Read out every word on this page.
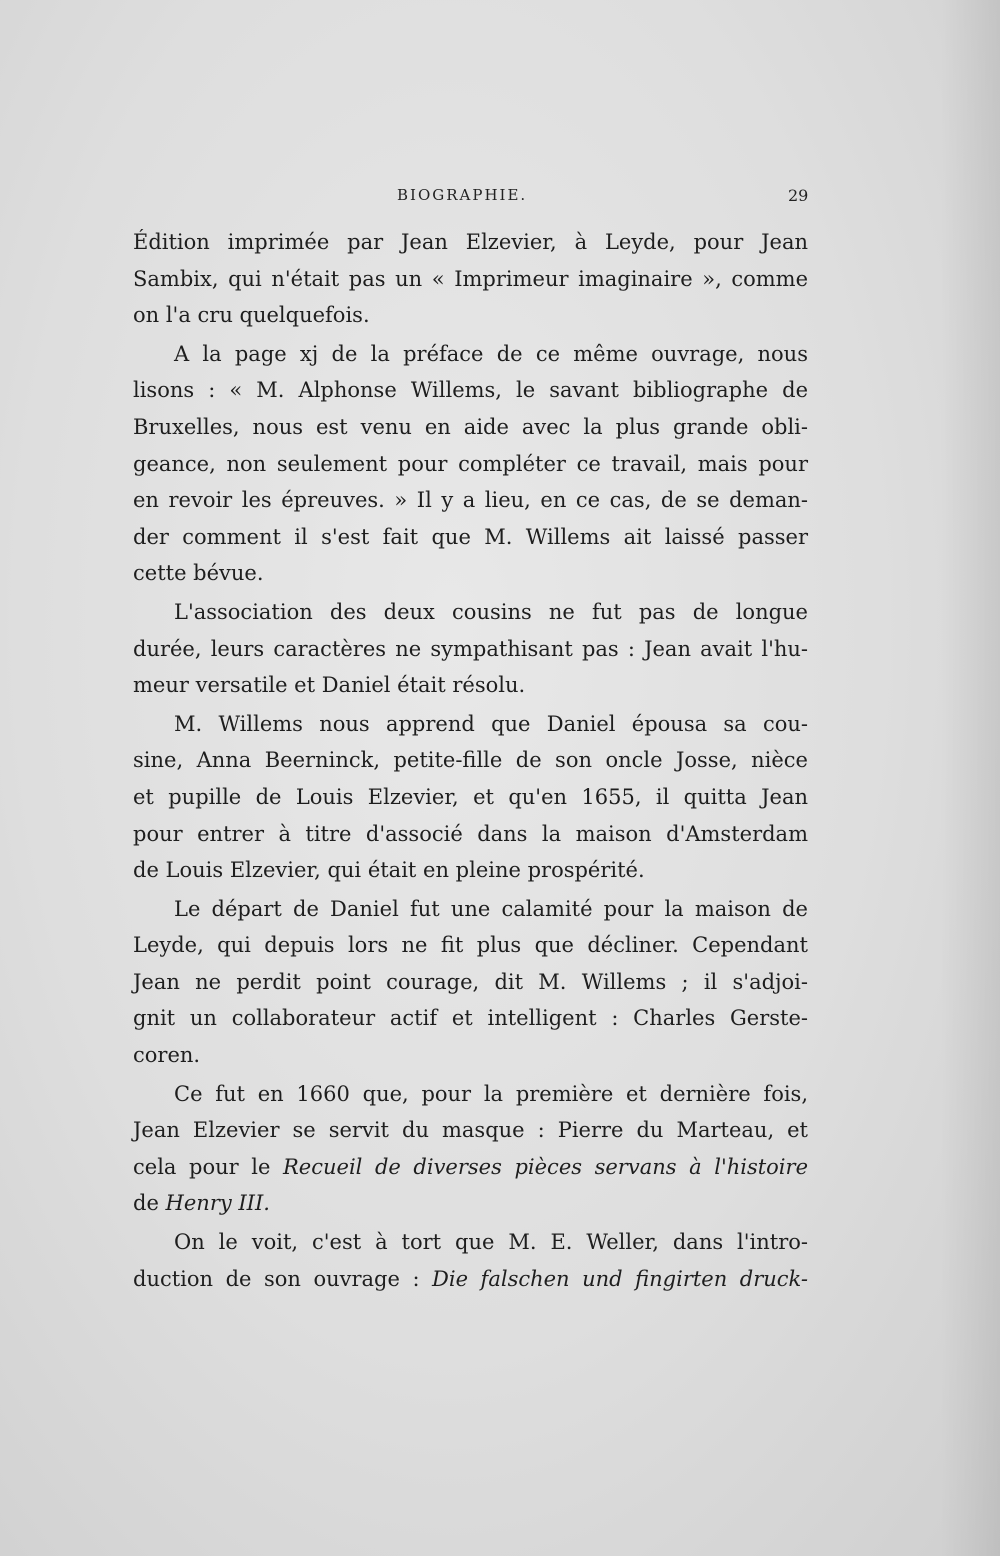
BIOGRAPHIE.	29
Édition imprimée par Jean Elzevier, à Leyde, pour Jean
Sambix, qui n'était pas un « Imprimeur imaginaire », comme
on l'a cru quelquefois.
A la page xj de la préface de ce même ouvrage, nous
lisons : « M. Alphonse Willems, le savant bibliographe de
Bruxelles, nous est venu en aide avec la plus grande obli-
geance, non seulement pour compléter ce travail, mais pour
en revoir les épreuves. » Il y a lieu, en ce cas, de se deman-
der comment il s'est fait que M. Willems ait laissé passer
cette bévue.
L'association des deux cousins ne fut pas de longue
durée, leurs caractères ne sympathisant pas : Jean avait l'hu-
meur versatile et Daniel était résolu.
M. Willems nous apprend que Daniel épousa sa cou-
sine, Anna Beerninck, petite-fille de son oncle Josse, nièce
et pupille de Louis Elzevier, et qu'en 1655, il quitta Jean
pour entrer à titre d'associé dans la maison d'Amsterdam
de Louis Elzevier, qui était en pleine prospérité.
Le départ de Daniel fut une calamité pour la maison de
Leyde, qui depuis lors ne fit plus que décliner. Cependant
Jean ne perdit point courage, dit M. Willems ; il s'adjoi-
gnit un collaborateur actif et intelligent : Charles Gerste-
coren.
Ce fut en 1660 que, pour la première et dernière fois,
Jean Elzevier se servit du masque : Pierre du Marteau, et
cela pour le Recueil de diverses pièces servans à l'histoire
de Henry III.
On le voit, c'est à tort que M. E. Weller, dans l'intro-
duction de son ouvrage : Die falschen und fingirten druck-
